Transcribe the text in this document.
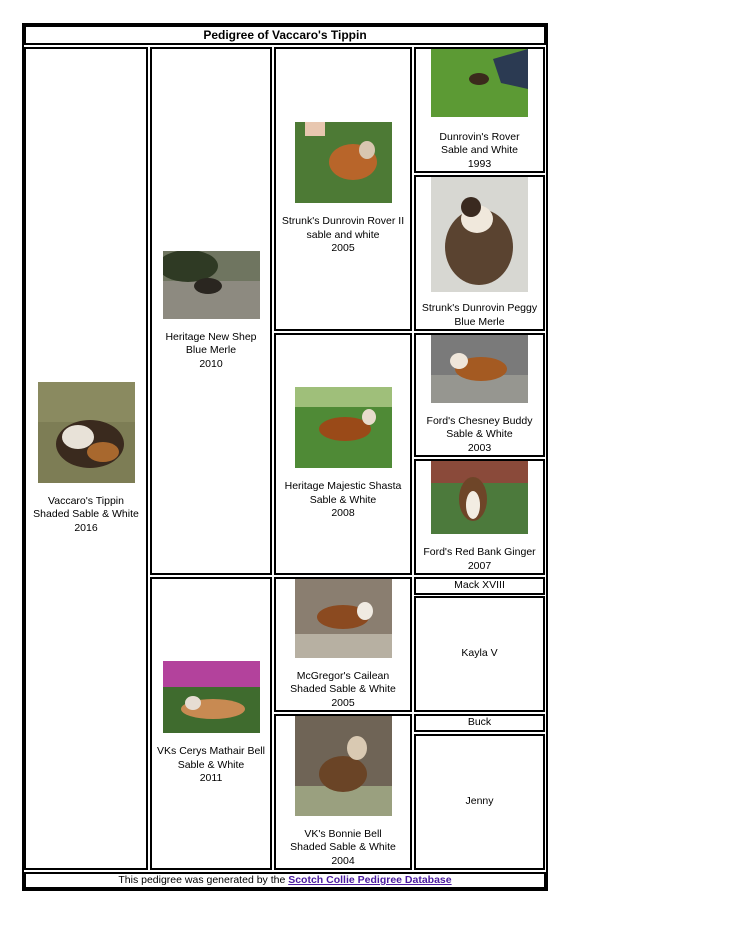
Pedigree of Vaccaro's Tippin
Vaccaro's Tippin
Shaded Sable & White
2016
Heritage New Shep
Blue Merle
2010
VKs Cerys Mathair Bell
Sable & White
2011
Strunk's Dunrovin Rover II
sable and white
2005
Heritage Majestic Shasta
Sable & White
2008
McGregor's Cailean
Shaded Sable & White
2005
VK's Bonnie Bell
Shaded Sable & White
2004
Dunrovin's Rover
Sable and White
1993
Strunk's Dunrovin Peggy
Blue Merle
Ford's Chesney Buddy
Sable & White
2003
Ford's Red Bank Ginger
2007
Mack XVIII
Kayla V
Buck
Jenny
This pedigree was generated by the Scotch Collie Pedigree Database
